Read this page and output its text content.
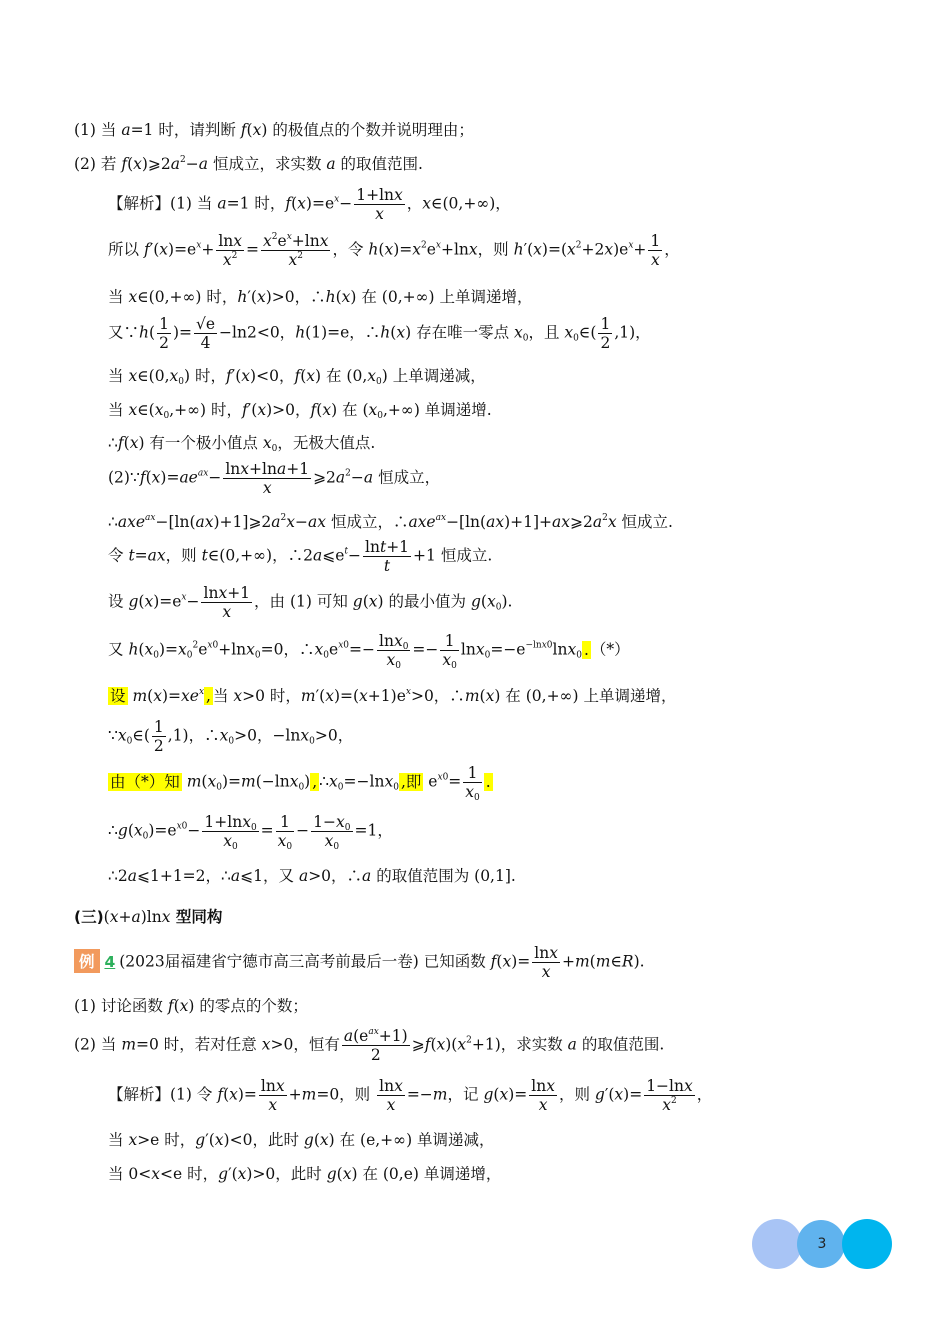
(1) 当 a=1 时，请判断 f(x) 的极值点的个数并说明理由；
(2) 若 $f(x)⩾2a^2-a$ 恒成立，求实数 a 的取值范围.
【解析】(1) 当 a=1 时，$f(x)=e^x- \frac{1+\ln x}{x}$ ，x∈(0,+∞)，
所以 $f'(x)=e^x+ \frac{\ln x}{x^2} = \frac{x^2e^x+\ln x}{x^2}$ ，令 $h(x)=x^2e^x+\ln x$，则 $h'(x)=(x^2+2x)e^x+ \frac{1}{x}$ ，
当 x∈(0,+∞) 时，h′(x)>0，∴h(x) 在 (0,+∞) 上单调递增，
又∵h( $\frac{1}{2}$ )= $\frac{√e}{4} -\ln 2<0$，h(1)=e，∴h(x) 存在唯一零点 $x_0$，且 $x_0\in( \frac{1}{2} ,1)$，
当 $x\in(0,x_0)$ 时，f′(x)<0，f(x) 在 $(0,x_0)$ 上单调递减，
当 $x\in(x_0,+\infty)$ 时，f′(x)>0，f(x) 在 $(x_0,+\infty)$ 单调递增.
∴f(x) 有一个极小值点 $x_0$，无极大值点.
$(2)\because f(x)=ae^{ax}- \frac{\ln x+\ln a+1}{x}$ $⩾2a^2-a$ 恒成立，
$\therefore axe^{ax}-[\ln(ax)+1]⩾2a^2x-ax$ 恒成立，$\therefore axe^{ax}-[\ln(ax)+1]+ax⩾2a^2x$ 恒成立.
令 t=ax，则 t∈(0,+∞)，$\therefore 2a⩽e^t- \frac{\ln t+1}{t} +1$ 恒成立.
设 $g(x)=e^x- \frac{\ln x+1}{x}$ ，由 (1) 可知 g(x) 的最小值为 $g(x_0)$.
又 $h(x_0)=x_0^2e^{x0}+\ln x_0=0$，$\therefore x_0e^{x0}=- \frac{\ln x_0}{x_0} =- \frac{1}{x_0} \ln x_0=-e^{-lnx0}\ln x_0$ . （*）
设 $m(x)=xe^x$ , 当 x>0 时，$m'(x)=(x+1)e^x>0$，∴m(x) 在 (0,+∞) 上单调递增，
$\because x_0\in( \frac{1}{2} ,1)$，$\therefore x_0>0$，−lnx$_0$>0，
由（*）知 $m(x_0)=m(-\ln x_0)$ , $\therefore x_0=-\ln x_0$ ,即 $e^{x0}= \frac{1}{x_0}$ .
$\therefore g(x_0)=e^{x0}- \frac{1+\ln x_0}{x_0} = \frac{1}{x_0} - \frac{1-x_0}{x_0} =1$，
∴2a⩽1+1=2，∴a⩽1，又 a>0，∴a 的取值范围为 (0,1].
(三)(x+a)lnx 型同构
例 4 (2023届福建省宁德市高三高考前最后一卷) 已知函数 $f(x)= \frac{\ln x}{x}$ +m(m∈R).
(1) 讨论函数 f(x) 的零点的个数；
(2) 当 m=0 时，若对任意 x>0，恒有 $a(e^{ax}+1)$
2
$⩾f(x)(x^2+1)$，求实数 a 的取值范围.
【解析】(1) 令 $f(x)= \frac{\ln x}{x} +m=0$，则 $\frac{\ln x}{x} =-m$，记 $g(x)= \frac{\ln x}{x}$ ，则 $g'(x)= \frac{1-\ln x}{x^2}$ ，
当 x>e 时，g′(x)<0，此时 g(x) 在 (e,+∞) 单调递减，
当 0<x<e 时，g′(x)>0，此时 g(x) 在 (0,e) 单调递增，
3
